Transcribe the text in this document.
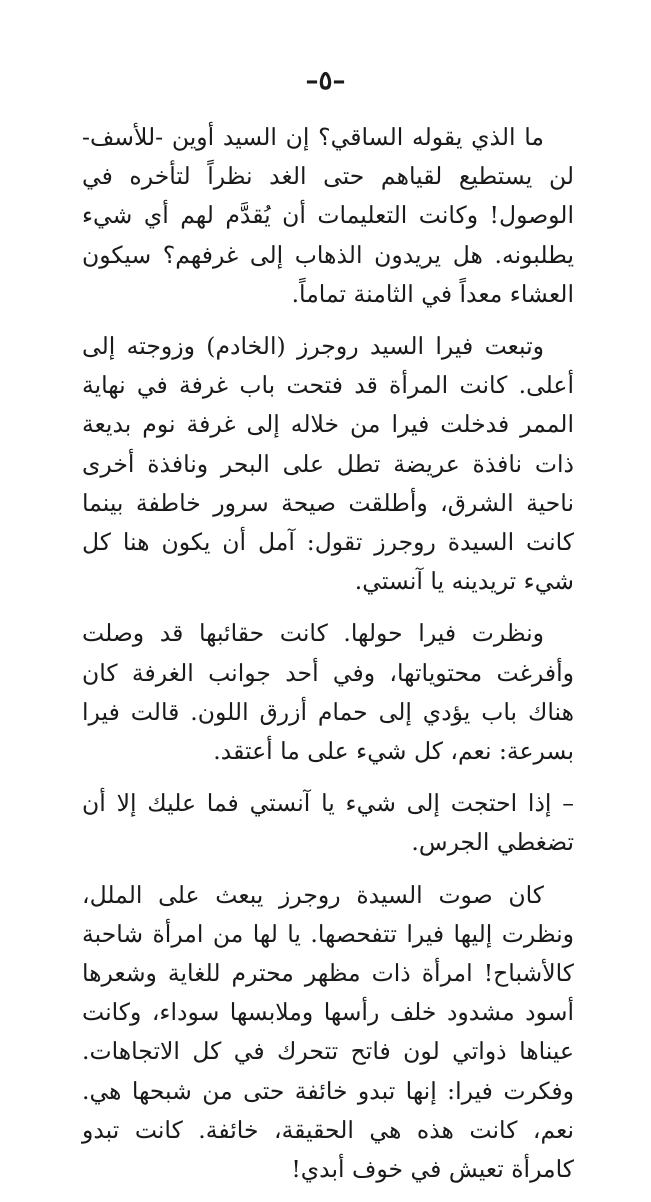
–٥–

ما الذي يقوله الساقي؟ إن السيد أوين -للأسف- لن يستطيع لقياهم حتى الغد نظراً لتأخره في الوصول! وكانت التعليمات أن يُقدَّم لهم أي شيء يطلبونه. هل يريدون الذهاب إلى غرفهم؟ سيكون العشاء معداً في الثامنة تماماً.

وتبعت فيرا السيد روجرز (الخادم) وزوجته إلى أعلى. كانت المرأة قد فتحت باب غرفة في نهاية الممر فدخلت فيرا من خلاله إلى غرفة نوم بديعة ذات نافذة عريضة تطل على البحر ونافذة أخرى ناحية الشرق، وأطلقت صيحة سرور خاطفة بينما كانت السيدة روجرز تقول: آمل أن يكون هنا كل شيء تريدينه يا آنستي.

ونظرت فيرا حولها. كانت حقائبها قد وصلت وأفرغت محتوياتها، وفي أحد جوانب الغرفة كان هناك باب يؤدي إلى حمام أزرق اللون. قالت فيرا بسرعة: نعم، كل شيء على ما أعتقد.

– إذا احتجت إلى شيء يا آنستي فما عليك إلا أن تضغطي الجرس.

كان صوت السيدة روجرز يبعث على الملل، ونظرت إليها فيرا تتفحصها. يا لها من امرأة شاحبة كالأشباح! امرأة ذات مظهر محترم للغاية وشعرها أسود مشدود خلف رأسها وملابسها سوداء، وكانت عيناها ذواتي لون فاتح تتحرك في كل الاتجاهات. وفكرت فيرا: إنها تبدو خائفة حتى من شبحها هي. نعم، كانت هذه هي الحقيقة، خائفة. كانت تبدو كامرأة تعيش في خوف أبدي!
